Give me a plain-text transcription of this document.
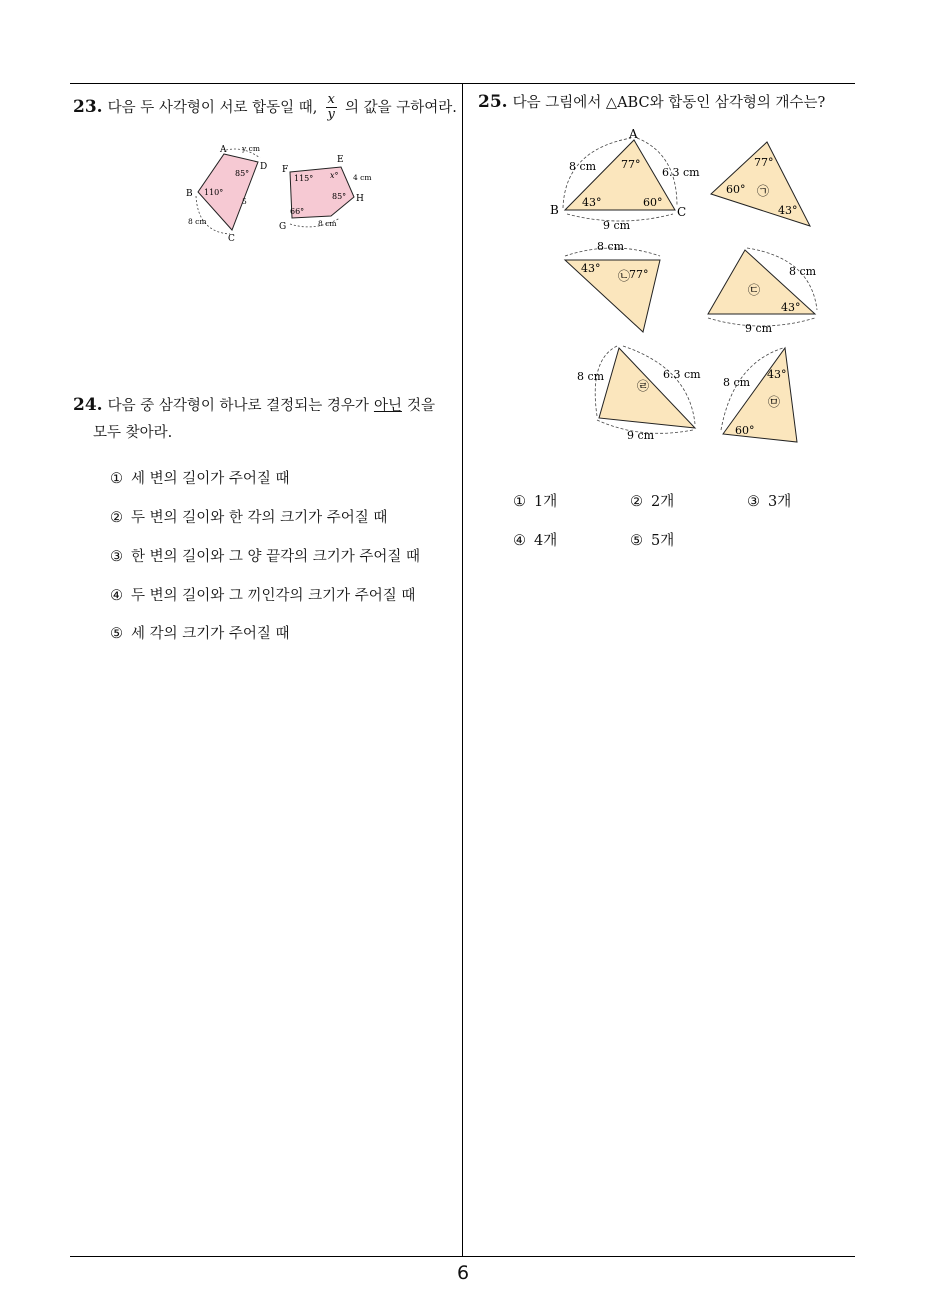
23. 다음 두 사각형이 서로 합동일 때, $\frac{x}{y}$ 의 값을 구하여라.
A
D
B
C
y cm
85°
110°
8 cm
5
F
E
H
G
115° x° 4 cm
85°
66°
8 cm
24. 다음 중 삼각형이 하나로 결정되는 경우가 아닌 것을
모두 찾아라.
① 세 변의 길이가 주어질 때
② 두 변의 길이와 한 각의 크기가 주어질 때
③ 한 변의 길이와 그 양 끝각의 크기가 주어질 때
④ 두 변의 길이와 그 끼인각의 크기가 주어질 때
⑤ 세 각의 크기가 주어질 때
25. 다음 그림에서 △ABC와 합동인 삼각형의 개수는?
A
B	C
8 cm	6.3 cm
9 cm
77°
43°	60°
77°
60°
43°
㉠
8 cm
43°	77°
㉡	8 cm
9 cm
43°
㉢
8 cm	6.3 cm
9 cm
㉣	8 cm
43°
60°
㉤
① 1개	② 2개	③ 3개
④ 4개	⑤ 5개
6
